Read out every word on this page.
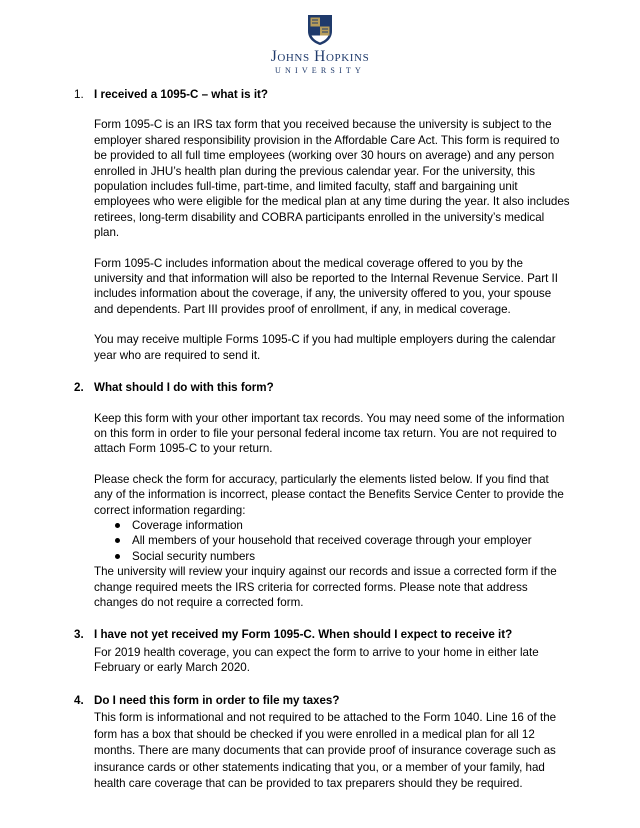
Johns Hopkins
UNIVERSITY
1. I received a 1095-C – what is it?

Form 1095-C is an IRS tax form that you received because the university is subject to the employer shared responsibility provision in the Affordable Care Act. This form is required to be provided to all full time employees (working over 30 hours on average) and any person enrolled in JHU’s health plan during the previous calendar year. For the university, this population includes full-time, part-time, and limited faculty, staff and bargaining unit employees who were eligible for the medical plan at any time during the year. It also includes retirees, long-term disability and COBRA participants enrolled in the university’s medical plan.

Form 1095-C includes information about the medical coverage offered to you by the university and that information will also be reported to the Internal Revenue Service. Part II includes information about the coverage, if any, the university offered to you, your spouse and dependents. Part III provides proof of enrollment, if any, in medical coverage.

You may receive multiple Forms 1095-C if you had multiple employers during the calendar year who are required to send it.

2. What should I do with this form?

Keep this form with your other important tax records. You may need some of the information on this form in order to file your personal federal income tax return. You are not required to attach Form 1095-C to your return.

Please check the form for accuracy, particularly the elements listed below. If you find that any of the information is incorrect, please contact the Benefits Service Center to provide the correct information regarding:

Coverage information
All members of your household that received coverage through your employer
Social security numbers

The university will review your inquiry against our records and issue a corrected form if the change required meets the IRS criteria for corrected forms. Please note that address changes do not require a corrected form.

3. I have not yet received my Form 1095-C. When should I expect to receive it?

For 2019 health coverage, you can expect the form to arrive to your home in either late February or early March 2020.

4. Do I need this form in order to file my taxes?

This form is informational and not required to be attached to the Form 1040. Line 16 of the form has a box that should be checked if you were enrolled in a medical plan for all 12 months. There are many documents that can provide proof of insurance coverage such as insurance cards or other statements indicating that you, or a member of your family, had health care coverage that can be provided to tax preparers should they be required.
